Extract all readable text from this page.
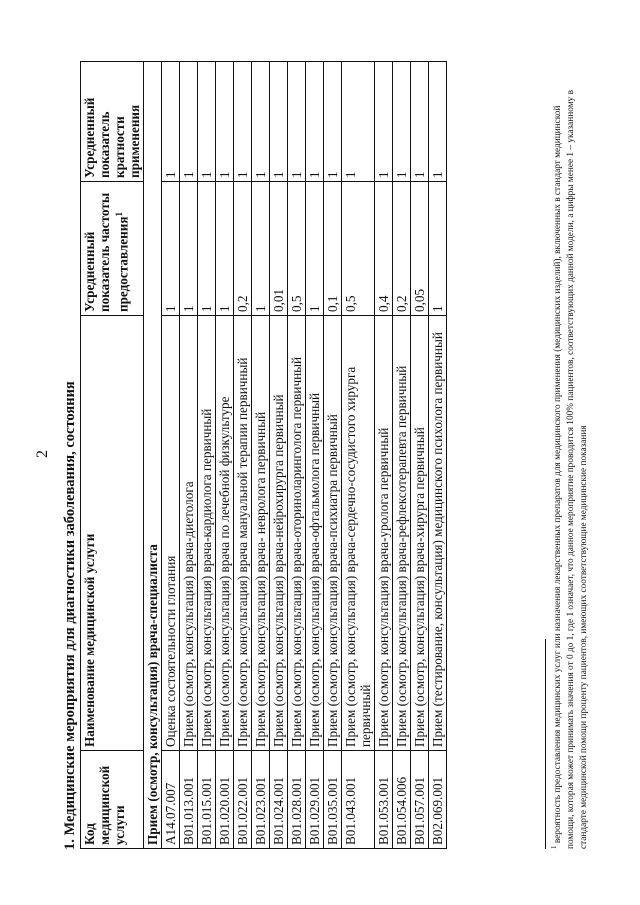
2 1. Медицинские мероприятия для диагностики заболевания, состояния Код медицинской услуги	Наименование медицинской услуги	Усредненный показатель частоты предоставления$^1$	Усредненный показатель кратности применения
Прием (осмотр, консультация) врача-специалиста			
А14.07.007	Оценка состоятельности глотания	1	1
В01.013.001	Прием (осмотр, консультация) врача-диетолога	1	1
В01.015.001	Прием (осмотр, консультация) врача-кардиолога первичный	1	1
В01.020.001	Прием (осмотр, консультация) врача по лечебной физкультуре	1	1
В01.022.001	Прием (осмотр, консультация) врача мануальной терапии первичный	0,2	1
В01.023.001	Прием (осмотр, консультация) врача- невролога первичный	1	1
В01.024.001	Прием (осмотр, консультация) врача-нейрохирурга первичный	0,01	1
В01.028.001	Прием (осмотр, консультация) врача-оториноларинголога первичный	0,5	1
В01.029.001	Прием (осмотр, консультация) врача-офтальмолога первичный	1	1
В01.035.001	Прием (осмотр, консультация) врача-психиатра первичный	0,1	1
В01.043.001	Прием (осмотр, консультация) врача-сердечно-сосудистого хирурга первичный	0,5	1
В01.053.001	Прием (осмотр, консультация) врача-уролога первичный	0,4	1
В01.054.006	Прием (осмотр, консультация) врача-рефлексотерапевта первичный	0,2	1
В01.057.001	Прием (осмотр, консультация) врача-хирурга первичный	0,05	1
В02.069.001	Прием (тестирование, консультация) медицинского психолога первичный	1	1
$^1$ вероятность предоставления медицинских услуг или назначения лекарственных препаратов для медицинского применения (медицинских изделий), включенных в стандарт медицинской помощи, которая может принимать значения от 0 до 1, где 1 означает, что данное мероприятие проводится 100% пациентов, соответствующих данной модели, а цифры менее 1 – указанному в стандарте медицинской помощи проценту пациентов, имеющих соответствующие медицинские показания
